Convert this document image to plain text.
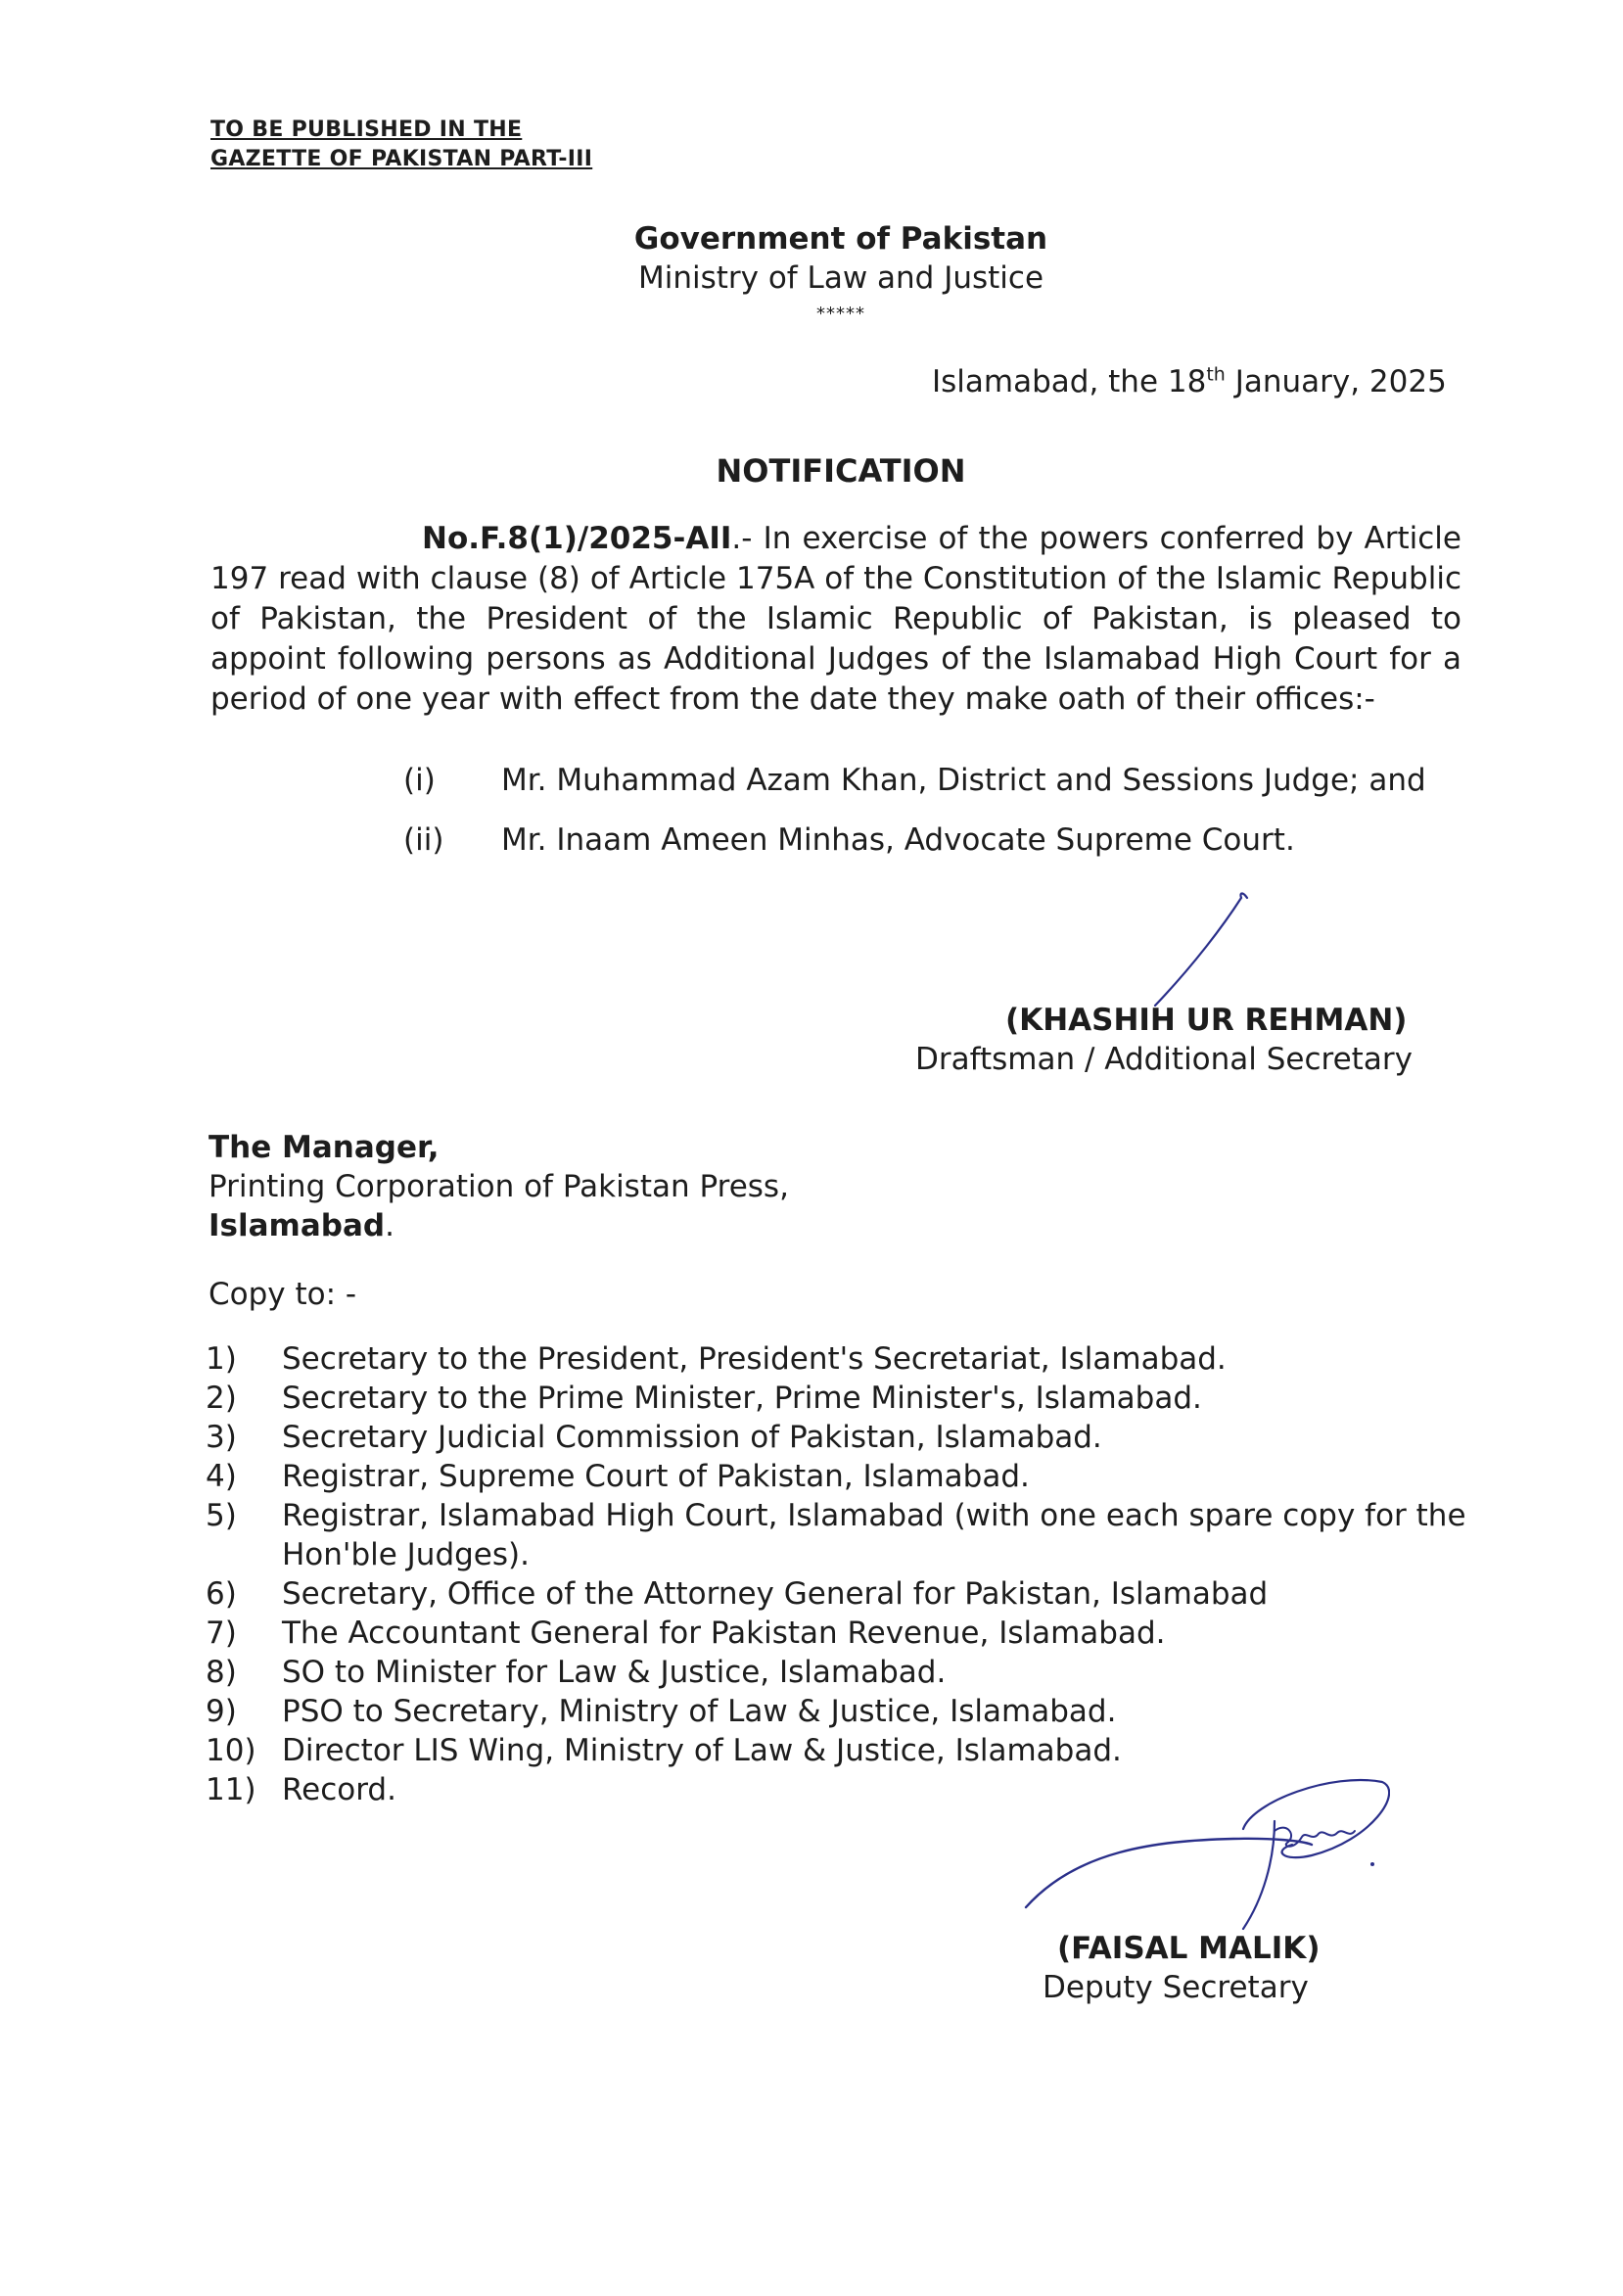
TO BE PUBLISHED IN THE
GAZETTE OF PAKISTAN PART-III
Government of Pakistan
Ministry of Law and Justice
*****
Islamabad, the 18th January, 2025
NOTIFICATION
No.F.8(1)/2025-AII.- In exercise of the powers conferred by Article 197 read with clause (8) of Article 175A of the Constitution of the Islamic Republic of Pakistan, the President of the Islamic Republic of Pakistan, is pleased to appoint following persons as Additional Judges of the Islamabad High Court for a period of one year with effect from the date they make oath of their offices:-
(i) Mr. Muhammad Azam Khan, District and Sessions Judge; and
(ii) Mr. Inaam Ameen Minhas, Advocate Supreme Court.
(KHASHIH UR REHMAN)
Draftsman / Additional Secretary
The Manager,
Printing Corporation of Pakistan Press,
Islamabad.
Copy to: -
1) Secretary to the President, President's Secretariat, Islamabad.
2) Secretary to the Prime Minister, Prime Minister's, Islamabad.
3) Secretary Judicial Commission of Pakistan, Islamabad.
4) Registrar, Supreme Court of Pakistan, Islamabad.
5) Registrar, Islamabad High Court, Islamabad (with one each spare copy for the Hon'ble Judges).
6) Secretary, Office of the Attorney General for Pakistan, Islamabad
7) The Accountant General for Pakistan Revenue, Islamabad.
8) SO to Minister for Law & Justice, Islamabad.
9) PSO to Secretary, Ministry of Law & Justice, Islamabad.
10) Director LIS Wing, Ministry of Law & Justice, Islamabad.
11) Record.
(FAISAL MALIK)
Deputy Secretary
